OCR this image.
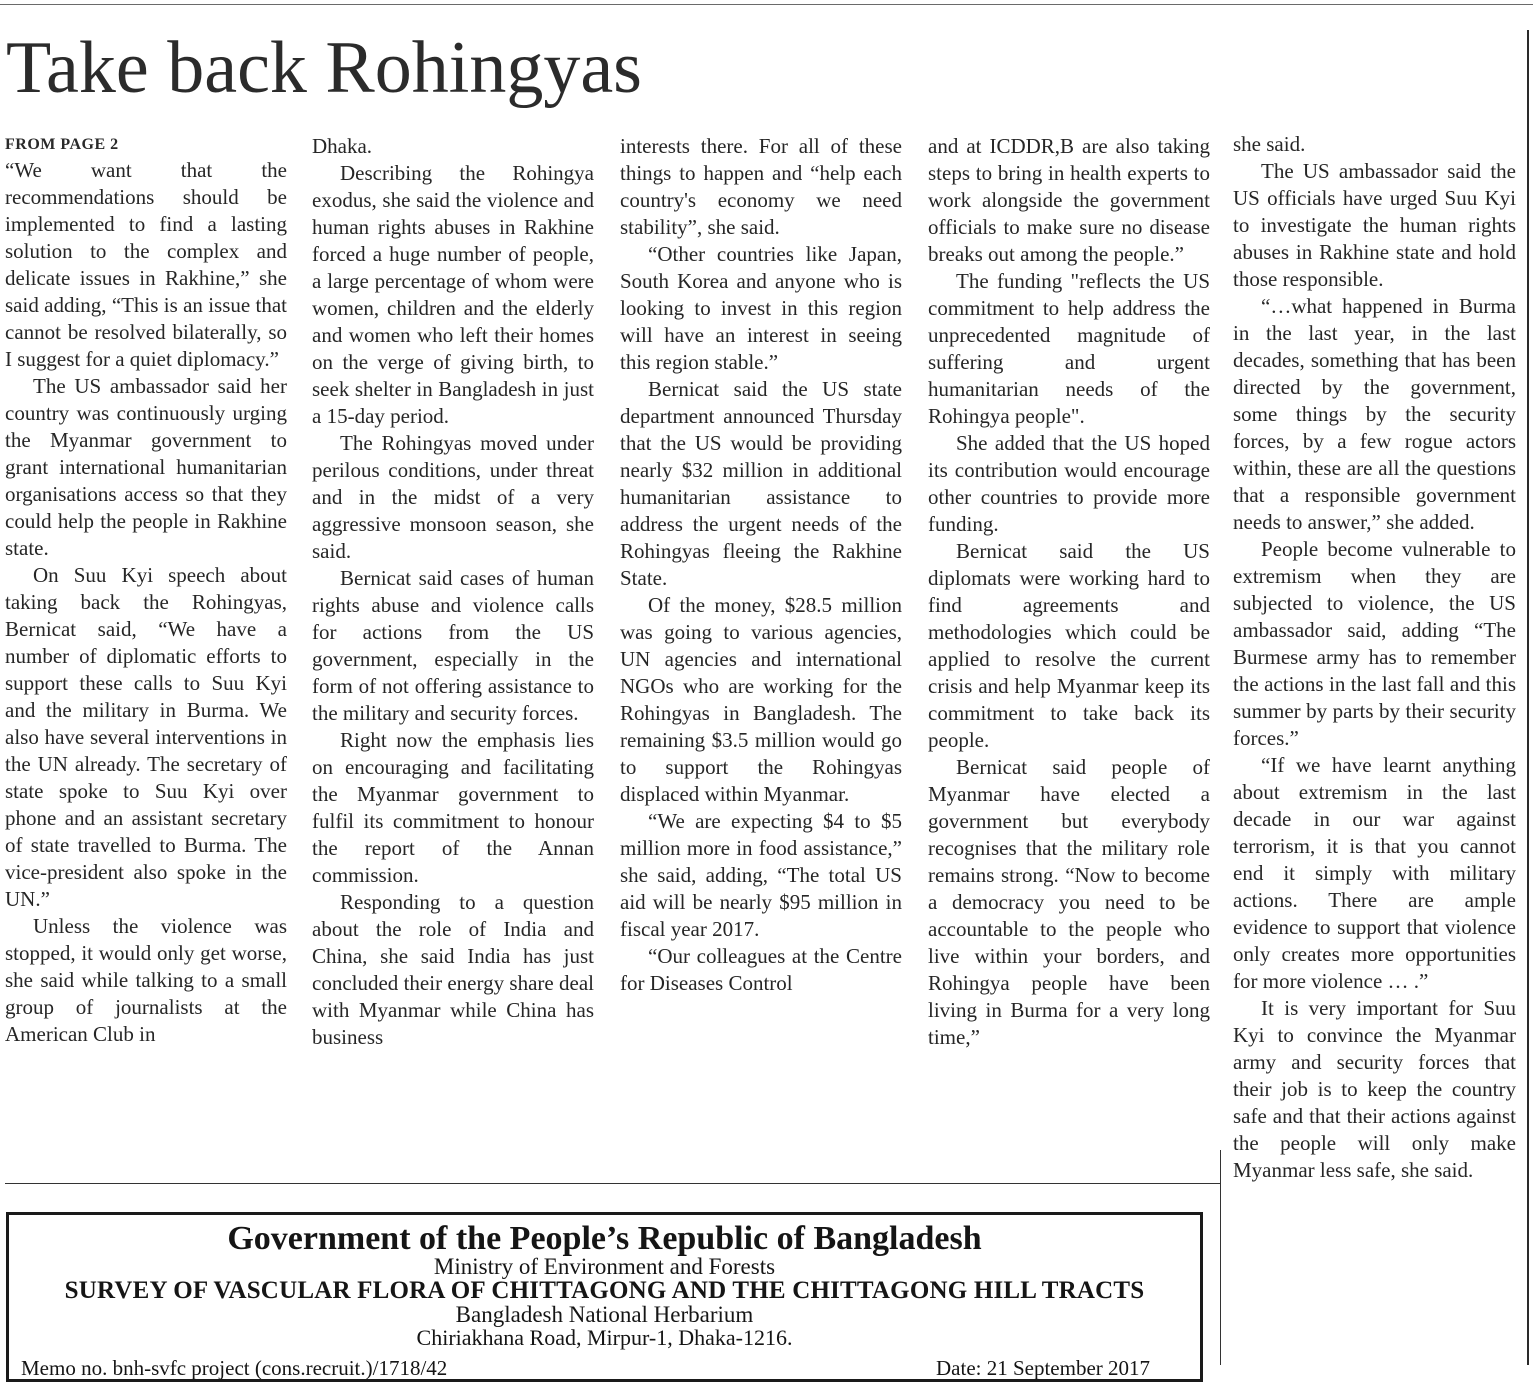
Take back Rohingyas
FROM PAGE 2

“We want that the recommendations should be implemented to find a lasting solution to the complex and delicate issues in Rakhine,” she said adding, “This is an issue that cannot be resolved bilaterally, so I suggest for a quiet diplomacy.”

The US ambassador said her country was continuously urging the Myanmar government to grant international humanitarian organisations access so that they could help the people in Rakhine state.

On Suu Kyi speech about taking back the Rohingyas, Bernicat said, “We have a number of diplomatic efforts to support these calls to Suu Kyi and the military in Burma. We also have several interventions in the UN already. The secretary of state spoke to Suu Kyi over phone and an assistant secretary of state travelled to Burma. The vice-president also spoke in the UN.”

Unless the violence was stopped, it would only get worse, she said while talking to a small group of journalists at the American Club in

Dhaka.

Describing the Rohingya exodus, she said the violence and human rights abuses in Rakhine forced a huge number of people, a large percentage of whom were women, children and the elderly and women who left their homes on the verge of giving birth, to seek shelter in Bangladesh in just a 15-day period.

The Rohingyas moved under perilous conditions, under threat and in the midst of a very aggressive monsoon season, she said.

Bernicat said cases of human rights abuse and violence calls for actions from the US government, especially in the form of not offering assistance to the military and security forces.

Right now the emphasis lies on encouraging and facilitating the Myanmar government to fulfil its commitment to honour the report of the Annan commission.

Responding to a question about the role of India and China, she said India has just concluded their energy share deal with Myanmar while China has business

interests there. For all of these things to happen and “help each country's economy we need stability”, she said.

“Other countries like Japan, South Korea and anyone who is looking to invest in this region will have an interest in seeing this region stable.”

Bernicat said the US state department announced Thursday that the US would be providing nearly $32 million in additional humanitarian assistance to address the urgent needs of the Rohingyas fleeing the Rakhine State.

Of the money, $28.5 million was going to various agencies, UN agencies and international NGOs who are working for the Rohingyas in Bangladesh. The remaining $3.5 million would go to support the Rohingyas displaced within Myanmar.

“We are expecting $4 to $5 million more in food assistance,” she said, adding, “The total US aid will be nearly $95 million in fiscal year 2017.

“Our colleagues at the Centre for Diseases Control

and at ICDDR,B are also taking steps to bring in health experts to work alongside the government officials to make sure no disease breaks out among the people.”

The funding "reflects the US commitment to help address the unprecedented magnitude of suffering and urgent humanitarian needs of the Rohingya people".

She added that the US hoped its contribution would encourage other countries to provide more funding.

Bernicat said the US diplomats were working hard to find agreements and methodologies which could be applied to resolve the current crisis and help Myanmar keep its commitment to take back its people.

Bernicat said people of Myanmar have elected a government but everybody recognises that the military role remains strong. “Now to become a democracy you need to be accountable to the people who live within your borders, and Rohingya people have been living in Burma for a very long time,”

she said.

The US ambassador said the US officials have urged Suu Kyi to investigate the human rights abuses in Rakhine state and hold those responsible.

“…what happened in Burma in the last year, in the last decades, something that has been directed by the government, some things by the security forces, by a few rogue actors within, these are all the questions that a responsible government needs to answer,” she added.

People become vulnerable to extremism when they are subjected to violence, the US ambassador said, adding “The Burmese army has to remember the actions in the last fall and this summer by parts by their security forces.”

“If we have learnt anything about extremism in the last decade in our war against terrorism, it is that you cannot end it simply with military actions. There are ample evidence to support that violence only creates more opportunities for more violence … .”

It is very important for Suu Kyi to convince the Myanmar army and security forces that their job is to keep the country safe and that their actions against the people will only make Myanmar less safe, she said.

Government of the People’s Republic of Bangladesh
Ministry of Environment and Forests
SURVEY OF VASCULAR FLORA OF CHITTAGONG AND THE CHITTAGONG HILL TRACTS
Bangladesh National Herbarium
Chiriakhana Road, Mirpur-1, Dhaka-1216.
Memo no. bnh-svfc project (cons.recruit.)/1718/42	Date: 21 September 2017
